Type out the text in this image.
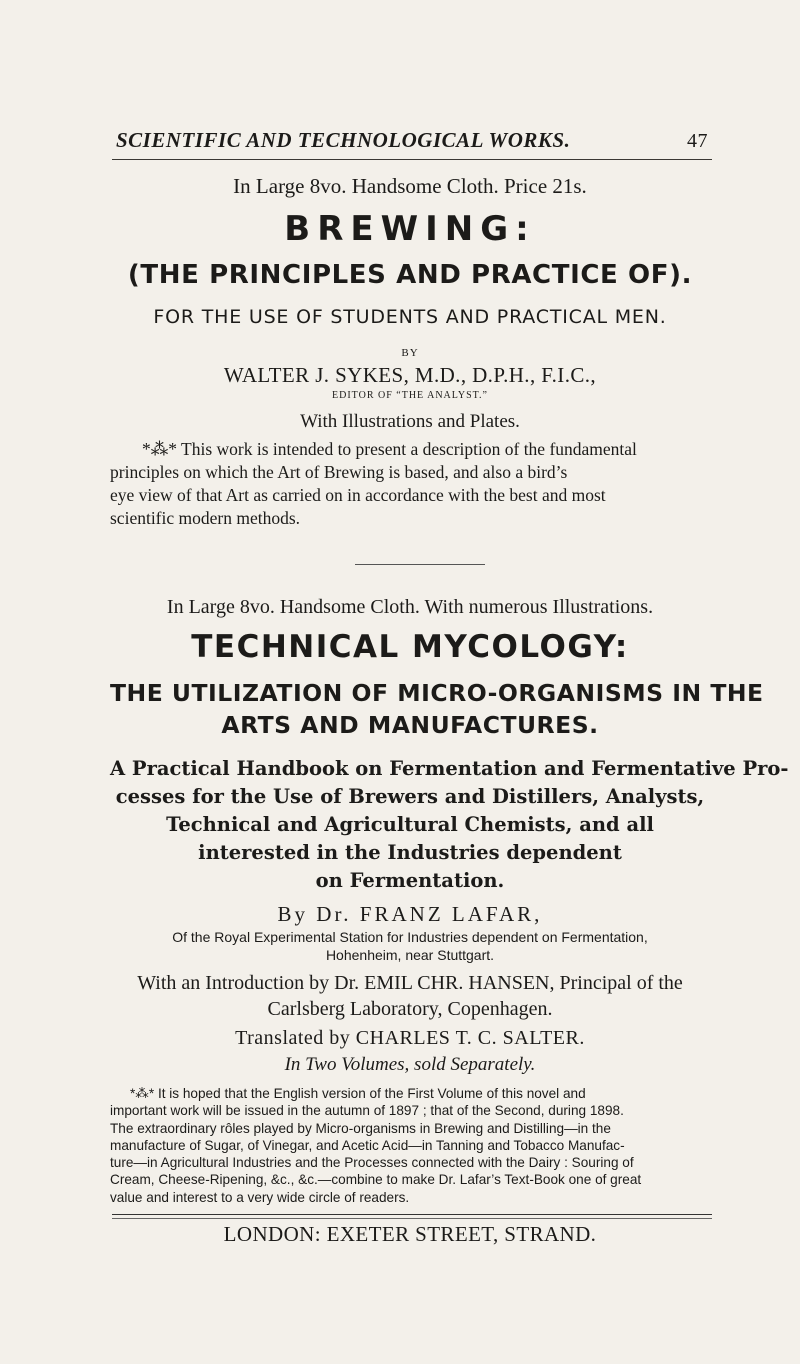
SCIENTIFIC AND TECHNOLOGICAL WORKS.	47
In Large 8vo. Handsome Cloth. Price 21s.
BREWING:
(THE PRINCIPLES AND PRACTICE OF).
FOR THE USE OF STUDENTS AND PRACTICAL MEN.
BY
WALTER J. SYKES, M.D., D.P.H., F.I.C.,
EDITOR OF “THE ANALYST.”
With Illustrations and Plates.
*⁂* This work is intended to present a description of the fundamental
principles on which the Art of Brewing is based, and also a bird’s
eye view of that Art as carried on in accordance with the best and most
scientific modern methods.
In Large 8vo. Handsome Cloth. With numerous Illustrations.
TECHNICAL MYCOLOGY:
THE UTILIZATION OF MICRO-ORGANISMS IN THE
ARTS AND MANUFACTURES.
A Practical Handbook on Fermentation and Fermentative Pro-
cesses for the Use of Brewers and Distillers, Analysts,
Technical and Agricultural Chemists, and all
interested in the Industries dependent
on Fermentation.
By Dr. FRANZ LAFAR,
Of the Royal Experimental Station for Industries dependent on Fermentation,
Hohenheim, near Stuttgart.
With an Introduction by Dr. EMIL CHR. HANSEN, Principal of the
Carlsberg Laboratory, Copenhagen.
Translated by CHARLES T. C. SALTER.
In Two Volumes, sold Separately.
*⁂* It is hoped that the English version of the First Volume of this novel and
important work will be issued in the autumn of 1897 ; that of the Second, during 1898.
The extraordinary rôles played by Micro-organisms in Brewing and Distilling—in the
manufacture of Sugar, of Vinegar, and Acetic Acid—in Tanning and Tobacco Manufac-
ture—in Agricultural Industries and the Processes connected with the Dairy : Souring of
Cream, Cheese-Ripening, &c., &c.—combine to make Dr. Lafar’s Text-Book one of great
value and interest to a very wide circle of readers.
LONDON: EXETER STREET, STRAND.
